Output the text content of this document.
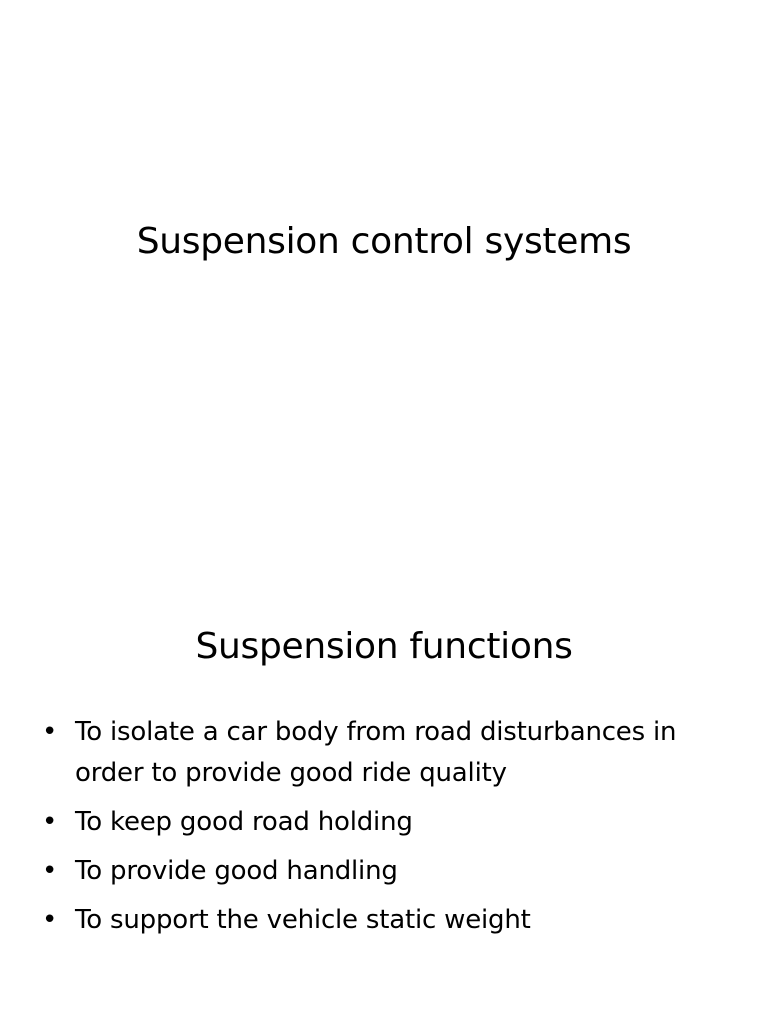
Suspension control systems
Suspension functions
• To isolate a car body from road disturbances in order to provide good ride quality
• To keep good road holding
• To provide good handling
• To support the vehicle static weight
